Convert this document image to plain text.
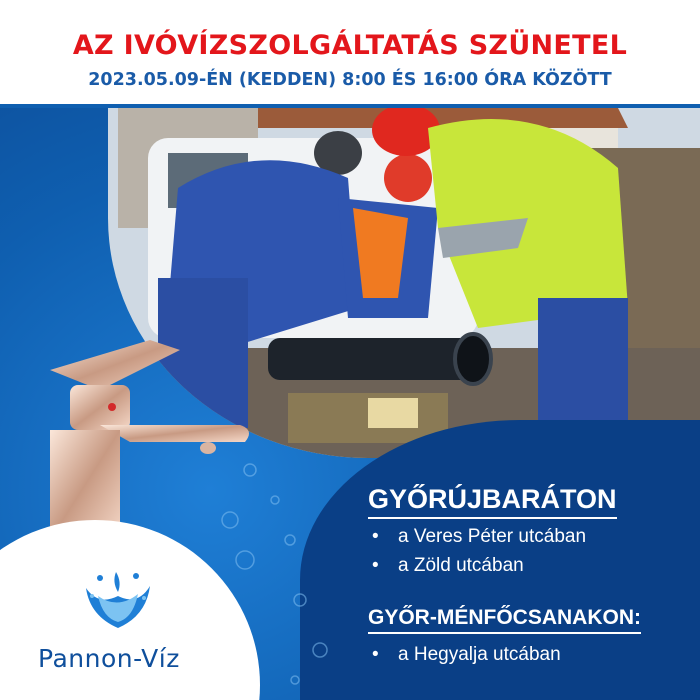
AZ IVÓVÍZSZOLGÁLTATÁS SZÜNETEL
2023.05.09-ÉN (KEDDEN) 8:00 ÉS 16:00 ÓRA KÖZÖTT
GYŐRÚJBARÁTON
• a Veres Péter utcában
• a Zöld utcában
GYŐR-MÉNFŐCSANAKON:
• a Hegyalja utcában
Pannon-Víz
